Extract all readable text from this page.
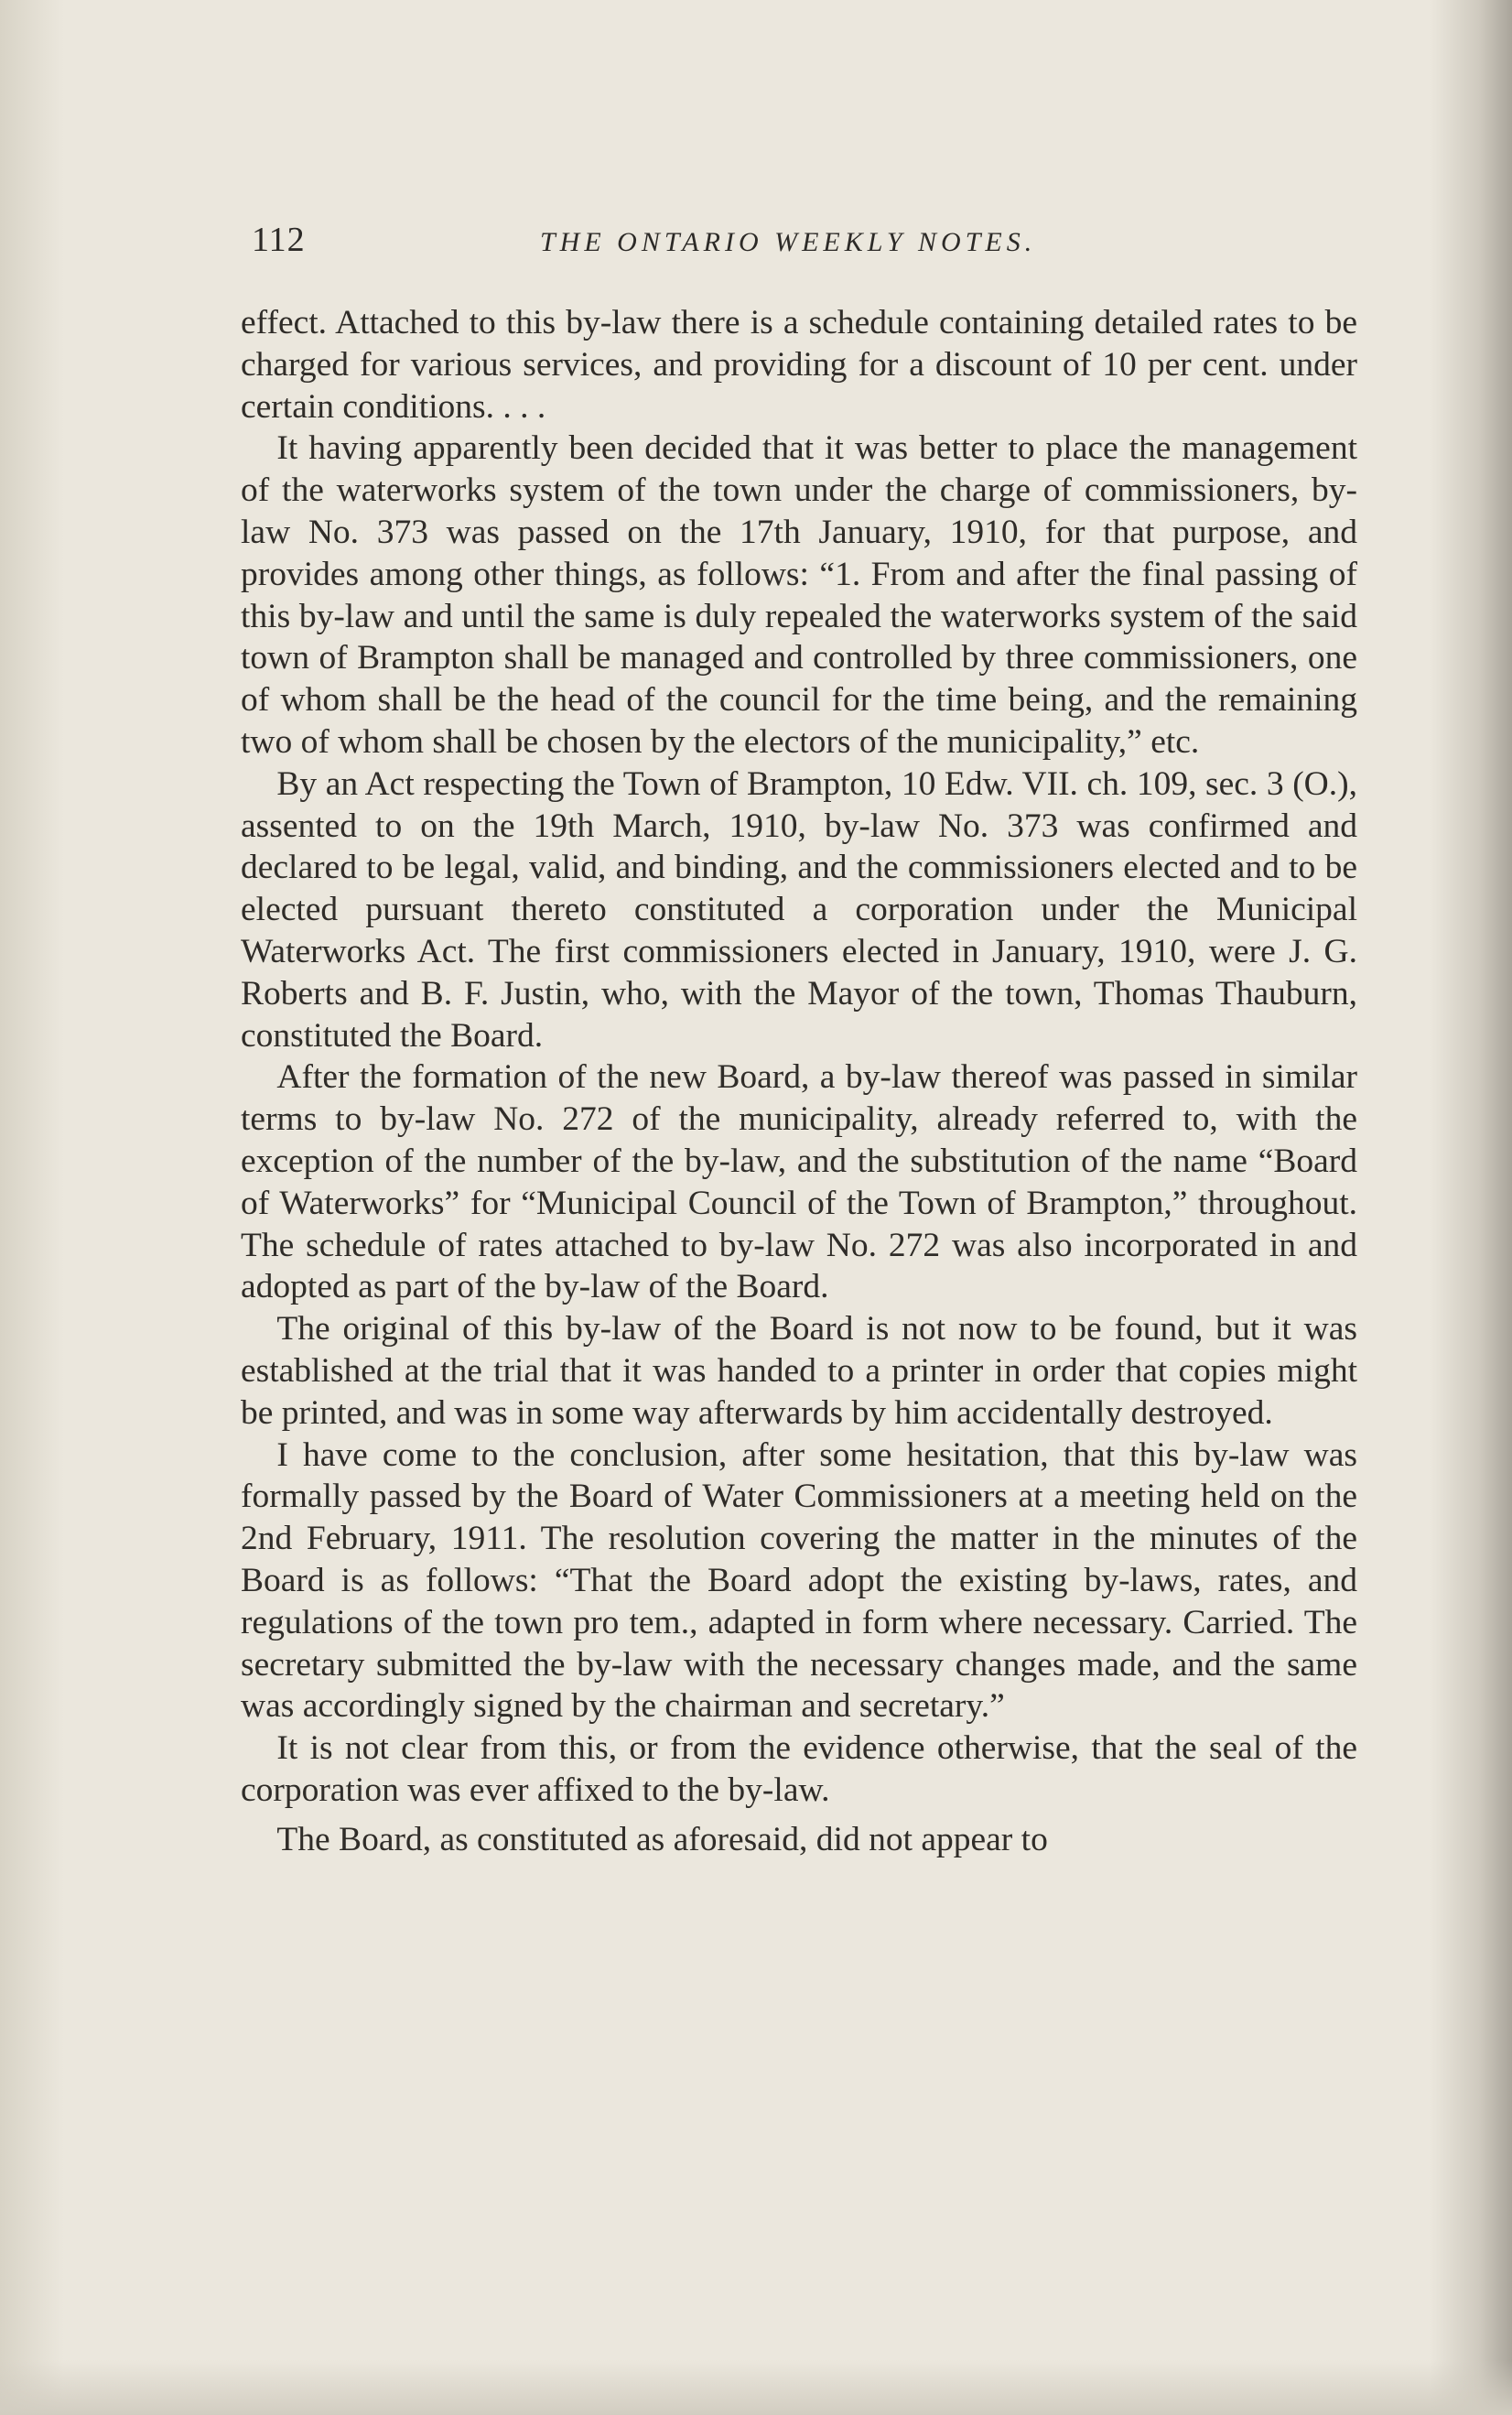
112	THE ONTARIO WEEKLY NOTES.

effect. Attached to this by-law there is a schedule containing detailed rates to be charged for various services, and providing for a discount of 10 per cent. under certain conditions. . . .

It having apparently been decided that it was better to place the management of the waterworks system of the town under the charge of commissioners, by-law No. 373 was passed on the 17th January, 1910, for that purpose, and provides among other things, as follows: “1. From and after the final passing of this by-law and until the same is duly repealed the waterworks system of the said town of Brampton shall be managed and controlled by three commissioners, one of whom shall be the head of the council for the time being, and the remaining two of whom shall be chosen by the electors of the municipality,” etc.

By an Act respecting the Town of Brampton, 10 Edw. VII. ch. 109, sec. 3 (O.), assented to on the 19th March, 1910, by-law No. 373 was confirmed and declared to be legal, valid, and binding, and the commissioners elected and to be elected pursuant thereto constituted a corporation under the Municipal Waterworks Act. The first commissioners elected in January, 1910, were J. G. Roberts and B. F. Justin, who, with the Mayor of the town, Thomas Thauburn, constituted the Board.

After the formation of the new Board, a by-law thereof was passed in similar terms to by-law No. 272 of the municipality, already referred to, with the exception of the number of the by-law, and the substitution of the name “Board of Waterworks” for “Municipal Council of the Town of Brampton,” throughout. The schedule of rates attached to by-law No. 272 was also incorporated in and adopted as part of the by-law of the Board.

The original of this by-law of the Board is not now to be found, but it was established at the trial that it was handed to a printer in order that copies might be printed, and was in some way afterwards by him accidentally destroyed.

I have come to the conclusion, after some hesitation, that this by-law was formally passed by the Board of Water Commissioners at a meeting held on the 2nd February, 1911. The resolution covering the matter in the minutes of the Board is as follows: “That the Board adopt the existing by-laws, rates, and regulations of the town pro tem., adapted in form where necessary. Carried. The secretary submitted the by-law with the necessary changes made, and the same was accordingly signed by the chairman and secretary.”

It is not clear from this, or from the evidence otherwise, that the seal of the corporation was ever affixed to the by-law.

The Board, as constituted as aforesaid, did not appear to
